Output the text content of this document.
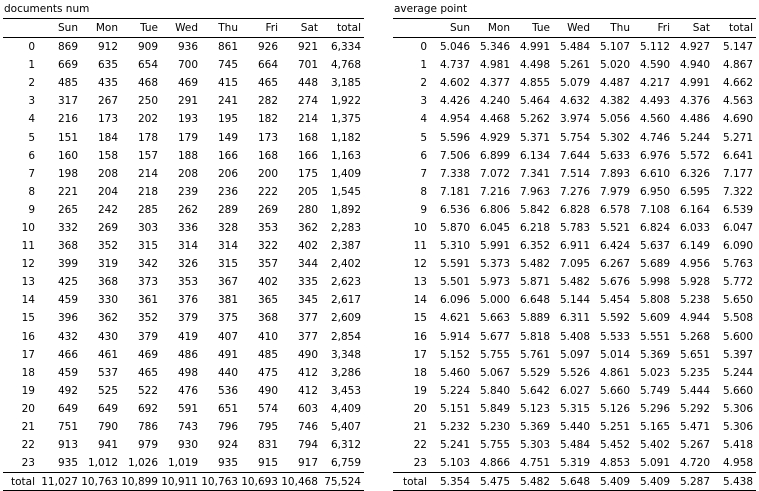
documents num
	Sun	Mon	Tue	Wed	Thu	Fri	Sat	total
0	869	912	909	936	861	926	921	6,334
1	669	635	654	700	745	664	701	4,768
2	485	435	468	469	415	465	448	3,185
3	317	267	250	291	241	282	274	1,922
4	216	173	202	193	195	182	214	1,375
5	151	184	178	179	149	173	168	1,182
6	160	158	157	188	166	168	166	1,163
7	198	208	214	208	206	200	175	1,409
8	221	204	218	239	236	222	205	1,545
9	265	242	285	262	289	269	280	1,892
10	332	269	303	336	328	353	362	2,283
11	368	352	315	314	314	322	402	2,387
12	399	319	342	326	315	357	344	2,402
13	425	368	373	353	367	402	335	2,623
14	459	330	361	376	381	365	345	2,617
15	396	362	352	379	375	368	377	2,609
16	432	430	379	419	407	410	377	2,854
17	466	461	469	486	491	485	490	3,348
18	459	537	465	498	440	475	412	3,286
19	492	525	522	476	536	490	412	3,453
20	649	649	692	591	651	574	603	4,409
21	751	790	786	743	796	795	746	5,407
22	913	941	979	930	924	831	794	6,312
23	935	1,012	1,026	1,019	935	915	917	6,759
total	11,027	10,763	10,899	10,911	10,763	10,693	10,468	75,524
average point
	Sun	Mon	Tue	Wed	Thu	Fri	Sat	total
0	5.046	5.346	4.991	5.484	5.107	5.112	4.927	5.147
1	4.737	4.981	4.498	5.261	5.020	4.590	4.940	4.867
2	4.602	4.377	4.855	5.079	4.487	4.217	4.991	4.662
3	4.426	4.240	5.464	4.632	4.382	4.493	4.376	4.563
4	4.954	4.468	5.262	3.974	5.056	4.560	4.486	4.690
5	5.596	4.929	5.371	5.754	5.302	4.746	5.244	5.271
6	7.506	6.899	6.134	7.644	5.633	6.976	5.572	6.641
7	7.338	7.072	7.341	7.514	7.893	6.610	6.326	7.177
8	7.181	7.216	7.963	7.276	7.979	6.950	6.595	7.322
9	6.536	6.806	5.842	6.828	6.578	7.108	6.164	6.539
10	5.870	6.045	6.218	5.783	5.521	6.824	6.033	6.047
11	5.310	5.991	6.352	6.911	6.424	5.637	6.149	6.090
12	5.591	5.373	5.482	7.095	6.267	5.689	4.956	5.763
13	5.501	5.973	5.871	5.482	5.676	5.998	5.928	5.772
14	6.096	5.000	6.648	5.144	5.454	5.808	5.238	5.650
15	4.621	5.663	5.889	6.311	5.592	5.609	4.944	5.508
16	5.914	5.677	5.818	5.408	5.533	5.551	5.268	5.600
17	5.152	5.755	5.761	5.097	5.014	5.369	5.651	5.397
18	5.460	5.067	5.529	5.526	4.861	5.023	5.235	5.244
19	5.224	5.840	5.642	6.027	5.660	5.749	5.444	5.660
20	5.151	5.849	5.123	5.315	5.126	5.296	5.292	5.306
21	5.232	5.230	5.369	5.440	5.251	5.165	5.471	5.306
22	5.241	5.755	5.303	5.484	5.452	5.402	5.267	5.418
23	5.103	4.866	4.751	5.319	4.853	5.091	4.720	4.958
total	5.354	5.475	5.482	5.648	5.409	5.409	5.287	5.438
